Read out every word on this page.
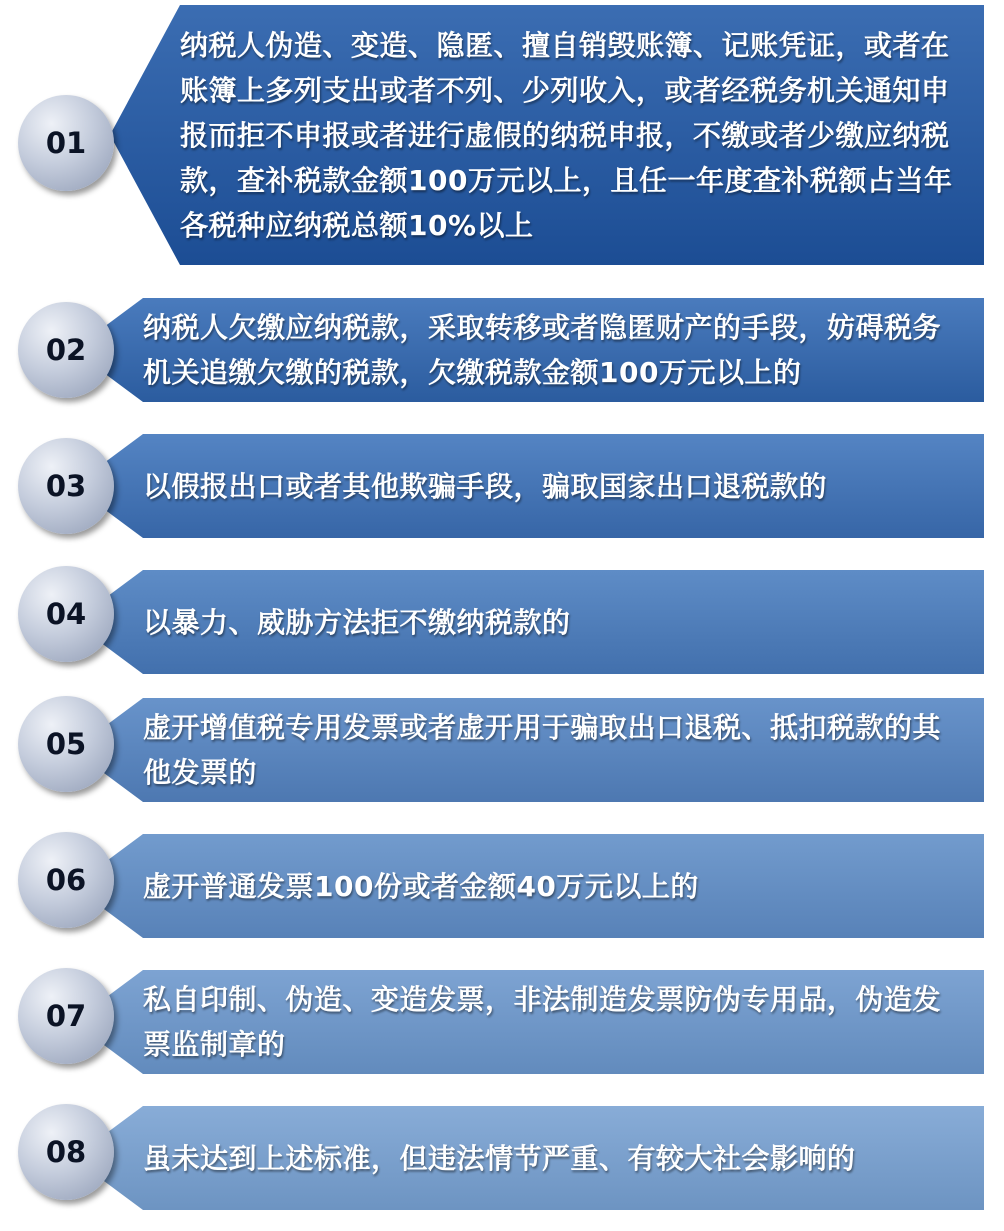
纳税人伪造、变造、隐匿、擅自销毁账簿、记账凭证，或者在
账簿上多列支出或者不列、少列收入，或者经税务机关通知申
报而拒不申报或者进行虚假的纳税申报，不缴或者少缴应纳税
款，查补税款金额100万元以上，且任一年度查补税额占当年
各税种应纳税总额10%以上
01
纳税人欠缴应纳税款，采取转移或者隐匿财产的手段，妨碍税务
机关追缴欠缴的税款，欠缴税款金额100万元以上的
02
以假报出口或者其他欺骗手段，骗取国家出口退税款的
03
以暴力、威胁方法拒不缴纳税款的
04
虚开增值税专用发票或者虚开用于骗取出口退税、抵扣税款的其
他发票的
05
虚开普通发票100份或者金额40万元以上的
06
私自印制、伪造、变造发票，非法制造发票防伪专用品，伪造发
票监制章的
07
虽未达到上述标准，但违法情节严重、有较大社会影响的
08
